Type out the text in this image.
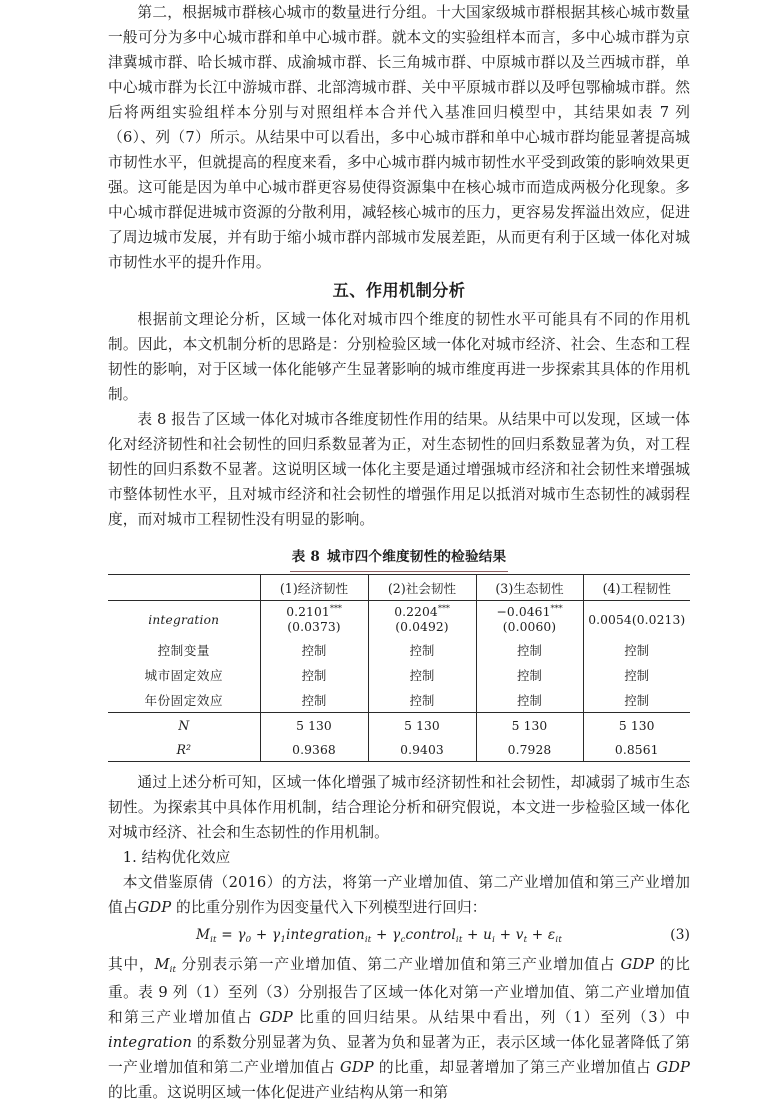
第二，根据城市群核心城市的数量进行分组。十大国家级城市群根据其核心城市数量一般可分为多中心城市群和单中心城市群。就本文的实验组样本而言，多中心城市群为京津冀城市群、哈长城市群、成渝城市群、长三角城市群、中原城市群以及兰西城市群，单中心城市群为长江中游城市群、北部湾城市群、关中平原城市群以及呼包鄂榆城市群。然后将两组实验组样本分别与对照组样本合并代入基准回归模型中，其结果如表 7 列（6）、列（7）所示。从结果中可以看出，多中心城市群和单中心城市群均能显著提高城市韧性水平，但就提高的程度来看，多中心城市群内城市韧性水平受到政策的影响效果更强。这可能是因为单中心城市群更容易使得资源集中在核心城市而造成两极分化现象。多中心城市群促进城市资源的分散利用，减轻核心城市的压力，更容易发挥溢出效应，促进了周边城市发展，并有助于缩小城市群内部城市发展差距，从而更有利于区域一体化对城市韧性水平的提升作用。

五、作用机制分析

根据前文理论分析，区域一体化对城市四个维度的韧性水平可能具有不同的作用机制。因此，本文机制分析的思路是：分别检验区域一体化对城市经济、社会、生态和工程韧性的影响，对于区域一体化能够产生显著影响的城市维度再进一步探索其具体的作用机制。

表 8 报告了区域一体化对城市各维度韧性作用的结果。从结果中可以发现，区域一体化对经济韧性和社会韧性的回归系数显著为正，对生态韧性的回归系数显著为负，对工程韧性的回归系数不显著。这说明区域一体化主要是通过增强城市经济和社会韧性来增强城市整体韧性水平，且对城市经济和社会韧性的增强作用足以抵消对城市生态韧性的减弱程度，而对城市工程韧性没有明显的影响。

表 8 城市四个维度韧性的检验结果
	(1)经济韧性	(2)社会韧性	(3)生态韧性	(4)工程韧性
integration	0.2101***(0.0373)	0.2204***(0.0492)	−0.0461***(0.0060)	0.0054(0.0213)
控制变量	控制	控制	控制	控制
城市固定效应	控制	控制	控制	控制
年份固定效应	控制	控制	控制	控制
N	5 130	5 130	5 130	5 130
R²	0.9368	0.9403	0.7928	0.8561

通过上述分析可知，区域一体化增强了城市经济韧性和社会韧性，却减弱了城市生态韧性。为探索其中具体作用机制，结合理论分析和研究假说，本文进一步检验区域一体化对城市经济、社会和生态韧性的作用机制。

1. 结构优化效应

本文借鉴原倩（2016）的方法，将第一产业增加值、第二产业增加值和第三产业增加值占GDP 的比重分别作为因变量代入下列模型进行回归：

$M_{it} = \gamma_0$ + $\gamma_1integration_{it}$ + $\gamma_ccontrol_{it} + u_i + v_t + \varepsilon_{it}$	(3)

其中，$M_{it}$ 分别表示第一产业增加值、第二产业增加值和第三产业增加值占 GDP 的比重。表 9 列（1）至列（3）分别报告了区域一体化对第一产业增加值、第二产业增加值和第三产业增加值占 GDP 比重的回归结果。从结果中看出，列（1）至列（3）中 integration 的系数分别显著为负、显著为负和显著为正，表示区域一体化显著降低了第一产业增加值和第二产业增加值占 GDP 的比重，却显著增加了第三产业增加值占 GDP 的比重。这说明区域一体化促进产业结构从第一和第
